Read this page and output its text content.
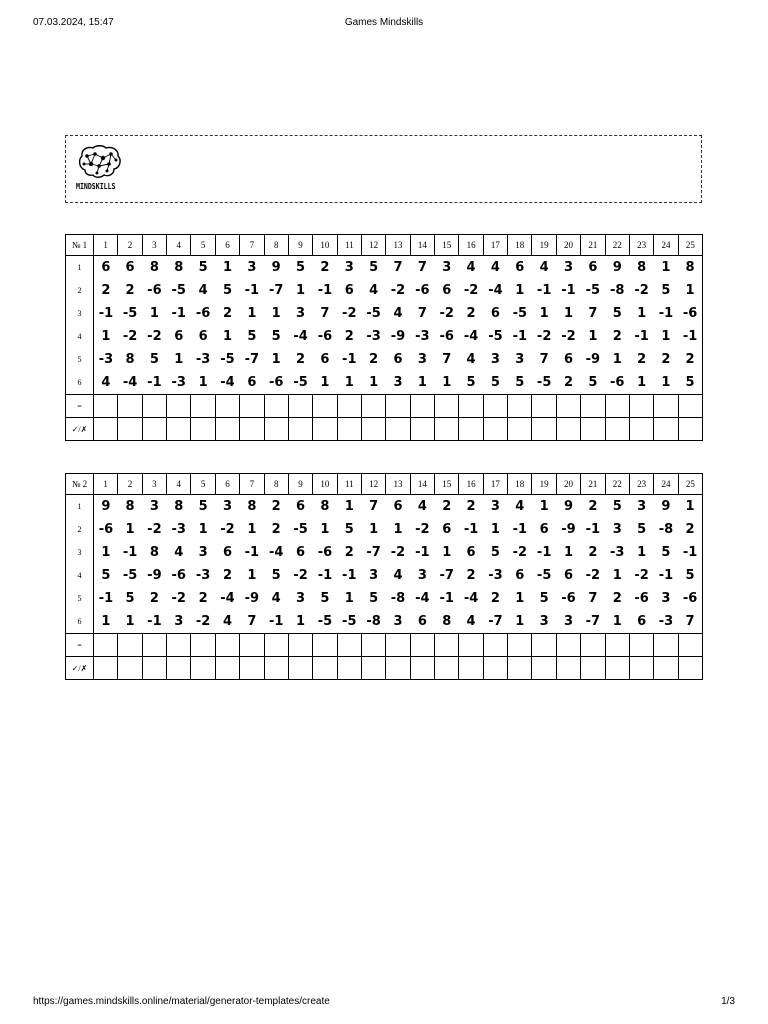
07.03.2024, 15:47	Games Mindskills
MINDSKILLS
№ 1	1	2	3	4	5	6	7	8	9	10	11	12	13	14	15	16	17	18	19	20	21	22	23	24	25
1	6	6	8	8	5	1	3	9	5	2	3	5	7	7	3	4	4	6	4	3	6	9	8	1	8
2	2	2	-6	-5	4	5	-1	-7	1	-1	6	4	-2	-6	6	-2	-4	1	-1	-1	-5	-8	-2	5	1
3	-1	-5	1	-1	-6	2	1	1	3	7	-2	-5	4	7	-2	2	6	-5	1	1	7	5	1	-1	-6
4	1	-2	-2	6	6	1	5	5	-4	-6	2	-3	-9	-3	-6	-4	-5	-1	-2	-2	1	2	-1	1	-1
5	-3	8	5	1	-3	-5	-7	1	2	6	-1	2	6	3	7	4	3	3	7	6	-9	1	2	2	2
6	4	-4	-1	-3	1	-4	6	-6	-5	1	1	1	3	1	1	5	5	5	-5	2	5	-6	1	1	5
=																									
✓/✗																									
№ 2	1	2	3	4	5	6	7	8	9	10	11	12	13	14	15	16	17	18	19	20	21	22	23	24	25
1	9	8	3	8	5	3	8	2	6	8	1	7	6	4	2	2	3	4	1	9	2	5	3	9	1
2	-6	1	-2	-3	1	-2	1	2	-5	1	5	1	1	-2	6	-1	1	-1	6	-9	-1	3	5	-8	2
3	1	-1	8	4	3	6	-1	-4	6	-6	2	-7	-2	-1	1	6	5	-2	-1	1	2	-3	1	5	-1
4	5	-5	-9	-6	-3	2	1	5	-2	-1	-1	3	4	3	-7	2	-3	6	-5	6	-2	1	-2	-1	5
5	-1	5	2	-2	2	-4	-9	4	3	5	1	5	-8	-4	-1	-4	2	1	5	-6	7	2	-6	3	-6
6	1	1	-1	3	-2	4	7	-1	1	-5	-5	-8	3	6	8	4	-7	1	3	3	-7	1	6	-3	7
=																									
✓/✗																									
https://games.mindskills.online/material/generator-templates/create	1/3
